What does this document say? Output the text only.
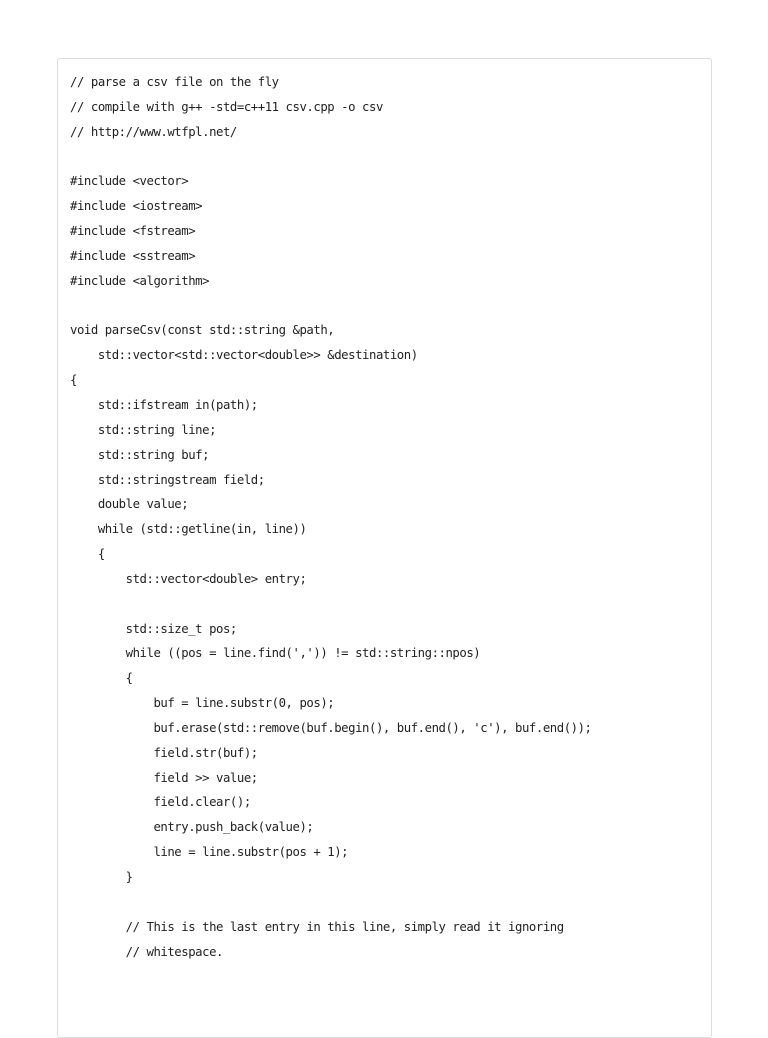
// parse a csv file on the fly
// compile with g++ -std=c++11 csv.cpp -o csv
// http://www.wtfpl.net/
#include <vector>
#include <iostream>
#include <fstream>
#include <sstream>
#include <algorithm>
void parseCsv(const std::string &path,
std::vector<std::vector<double>> &destination)
{
std::ifstream in(path);
std::string line;
std::string buf;
std::stringstream field;
double value;
while (std::getline(in, line))
{
std::vector<double> entry;
std::size_t pos;
while ((pos = line.find(',')) != std::string::npos)
{
buf = line.substr(0, pos);
buf.erase(std::remove(buf.begin(), buf.end(), 'c'), buf.end());
field.str(buf);
field >> value;
field.clear();
entry.push_back(value);
line = line.substr(pos + 1);
}
// This is the last entry in this line, simply read it ignoring
// whitespace.
